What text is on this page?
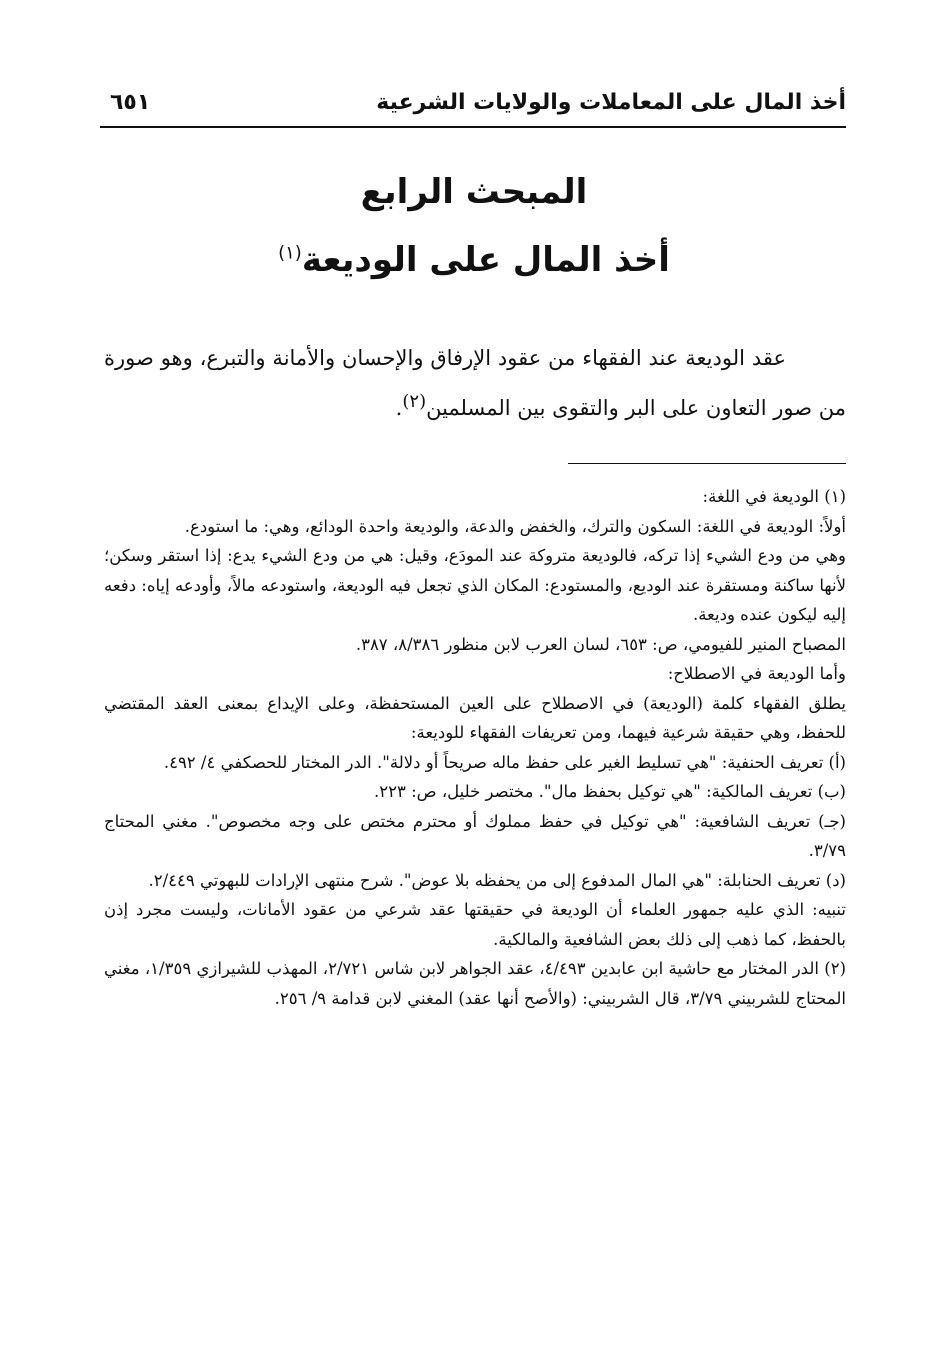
أخذ المال على المعاملات والولايات الشرعية
٦٥١
المبحث الرابع
أخذ المال على الوديعة$^{(١)}$

عقد الوديعة عند الفقهاء من عقود الإرفاق والإحسان والأمانة والتبرع، وهو صورة من صور التعاون على البر والتقوى بين المسلمين(٢).

(١) الوديعة في اللغة:

أولاً: الوديعة في اللغة: السكون والترك، والخفض والدعة، والوديعة واحدة الودائع، وهي: ما استودع.

وهي من ودع الشيء إذا تركه، فالوديعة متروكة عند المودَع، وقيل: هي من ودع الشيء يدع: إذا استقر وسكن؛ لأنها ساكنة ومستقرة عند الوديع، والمستودع: المكان الذي تجعل فيه الوديعة، واستودعه مالاً، وأودعه إياه: دفعه إليه ليكون عنده وديعة.

المصباح المنير للفيومي، ص: ٦٥٣، لسان العرب لابن منظور ٨/٣٨٦، ٣٨٧.

وأما الوديعة في الاصطلاح:

يطلق الفقهاء كلمة (الوديعة) في الاصطلاح على العين المستحفظة، وعلى الإيداع بمعنى العقد المقتضي للحفظ، وهي حقيقة شرعية فيهما، ومن تعريفات الفقهاء للوديعة:

(أ) تعريف الحنفية: "هي تسليط الغير على حفظ ماله صريحاً أو دلالة". الدر المختار للحصكفي ٤/ ٤٩٢.

(ب) تعريف المالكية: "هي توكيل بحفظ مال". مختصر خليل، ص: ٢٢٣.

(جـ) تعريف الشافعية: "هي توكيل في حفظ مملوك أو محترم مختص على وجه مخصوص". مغني المحتاج ٣/٧٩.

(د) تعريف الحنابلة: "هي المال المدفوع إلى من يحفظه بلا عوض". شرح منتهى الإرادات للبهوتي ٢/٤٤٩.

تنبيه: الذي عليه جمهور العلماء أن الوديعة في حقيقتها عقد شرعي من عقود الأمانات، وليست مجرد إذن بالحفظ، كما ذهب إلى ذلك بعض الشافعية والمالكية.

(٢) الدر المختار مع حاشية ابن عابدين ٤/٤٩٣، عقد الجواهر لابن شاس ٢/٧٢١، المهذب للشيرازي ١/٣٥٩، مغني المحتاج للشربيني ٣/٧٩، قال الشربيني: (والأصح أنها عقد) المغني لابن قدامة ٩/ ٢٥٦.
